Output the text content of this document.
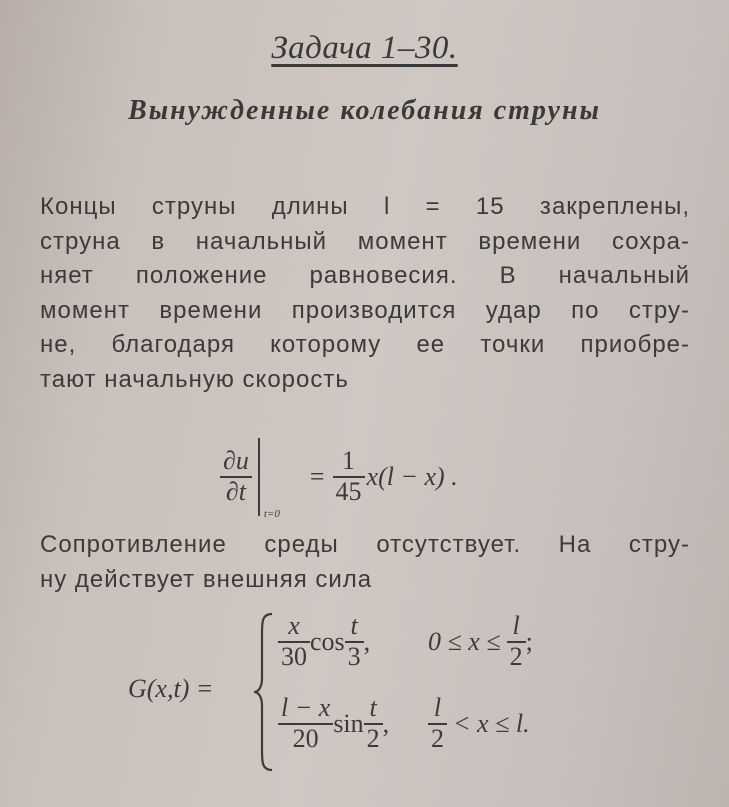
Задача 1–30.
Вынужденные колебания струны
Концы струны длины l = 15 закреплены,
струна в начальный момент времени сохра-
няет положение равновесия. В начальный
момент времени производится удар по стру-
не, благодаря которому ее точки приобре-
тают начальную скорость
$\frac{\partial u}{\partial t}$
t=0
= $\frac{1}{45} x(l - x)$ .
Сопротивление среды отсутствует. На стру-
ну действует внешняя сила
G(x,t) =
$\frac{x}{30}$ $\cos \frac{t}{3}$ , $0 \le x \le \frac{l}{2}$ ;
$\frac{l - x}{20}$ $\sin \frac{t}{2}$ , $\frac{l}{2} < x \le l$.
